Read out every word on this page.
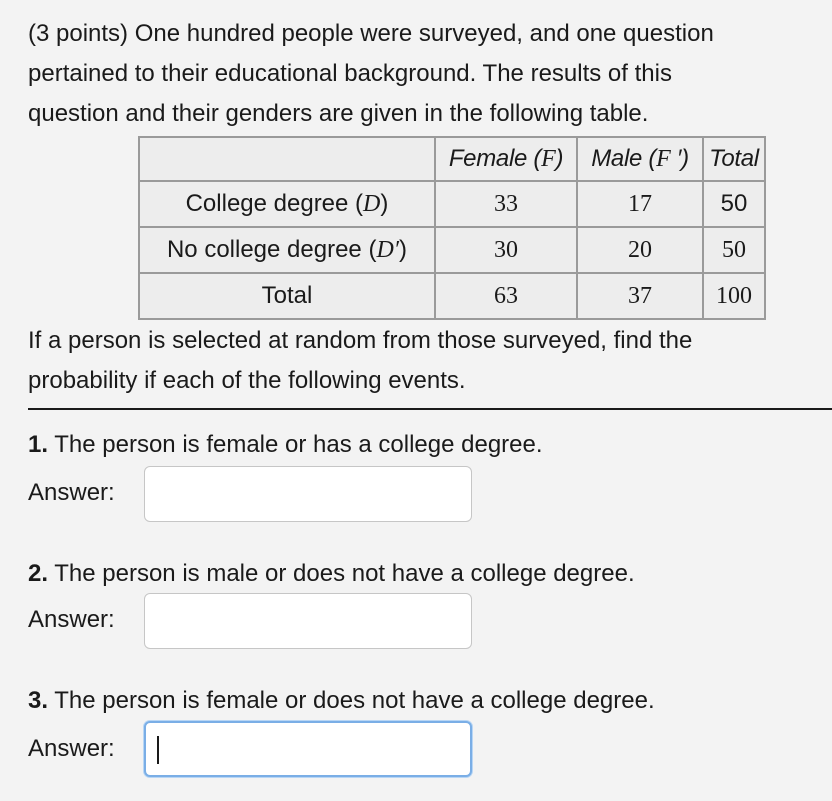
(3 points) One hundred people were surveyed, and one question
pertained to their educational background. The results of this
question and their genders are given in the following table.

	Female (F)	Male (F ′)	Total
College degree (D)	33	17	50
No college degree (D′)	30	20	50
Total	63	37	100

If a person is selected at random from those surveyed, find the
probability if each of the following events.

1. The person is female or has a college degree.

Answer:

2. The person is male or does not have a college degree.

Answer:

3. The person is female or does not have a college degree.

Answer:
